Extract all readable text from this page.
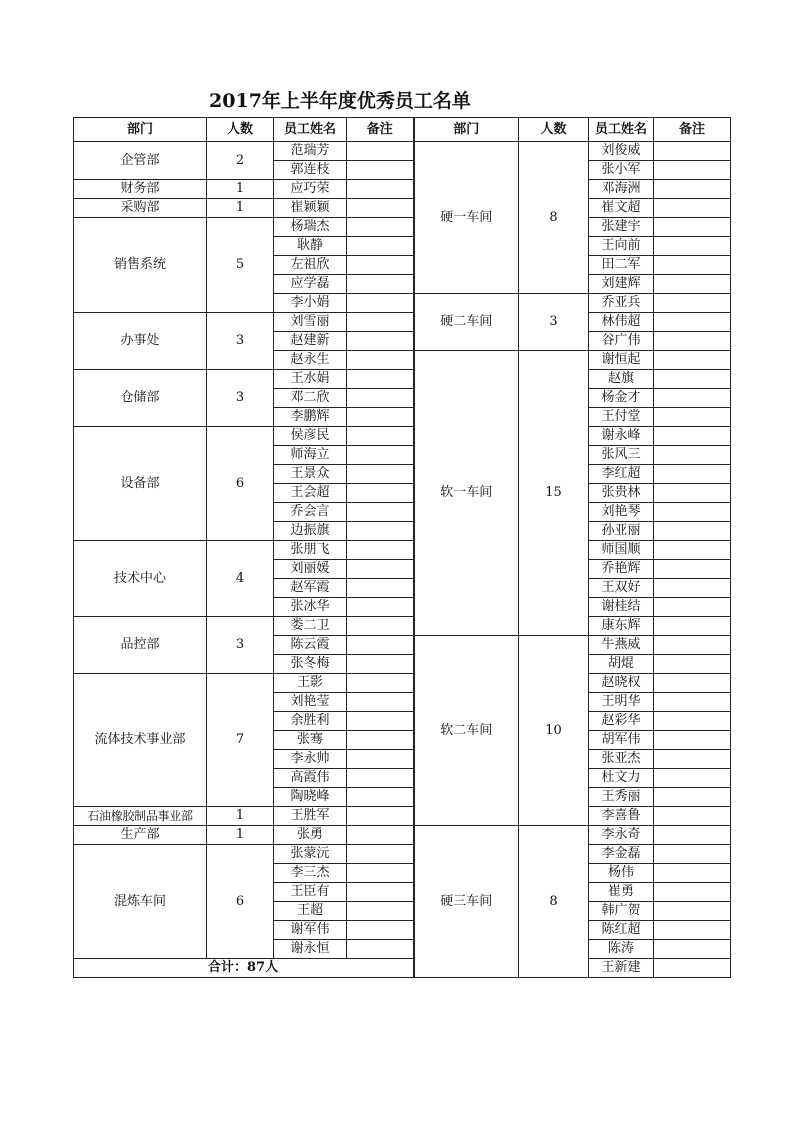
2017年上半年度优秀员工名单
部门	人数	员工姓名	备注	部门	人数	员工姓名	备注
企管部	2	范瑞芳		硬一车间	8	刘俊威	
		郭连枝				张小军	
财务部	1	应巧荣				邓海洲	
采购部	1	崔颖颖				崔文超	
销售系统	5	杨瑞杰				张建宇	
		耿静				王向前	
		左祖欣				田二军	
		应学磊				刘建辉	
		李小娟		硬二车间	3	乔亚兵	
办事处	3	刘雪丽				林伟超	
		赵建新				谷广伟	
		赵永生		软一车间	15	谢恒起	
仓储部	3	王水娟				赵旗	
		邓二欣				杨金才	
		李鹏辉				王付堂	
设备部	6	侯彦民				谢永峰	
		师海立				张风三	
		王景众				李红超	
		王会超				张贵林	
		乔会言				刘艳琴	
		边振旗				孙亚丽	
技术中心	4	张朋飞				师国顺	
		刘丽媛				乔艳辉	
		赵军霞				王双好	
		张冰华				谢桂结	
品控部	3	娄二卫				康东辉	
		陈云霞		软二车间	10	牛燕威	
		张冬梅				胡焜	
流体技术事业部	7	王影				赵晓权	
		刘艳莹				王明华	
		余胜利				赵彩华	
		张骞				胡军伟	
		李永帅				张亚杰	
		高霞伟				杜文力	
		陶晓峰				王秀丽	
石油橡胶制品事业部	1	王胜军				李喜鲁	
生产部	1	张勇		硬三车间	8	李永奇	
混炼车间	6	张蒙沅				李金磊	
		李三杰				杨伟	
		王臣有				崔勇	
		王超				韩广贺	
		谢军伟				陈红超	
		谢永恒				陈涛	
合计：87人						王新建	
